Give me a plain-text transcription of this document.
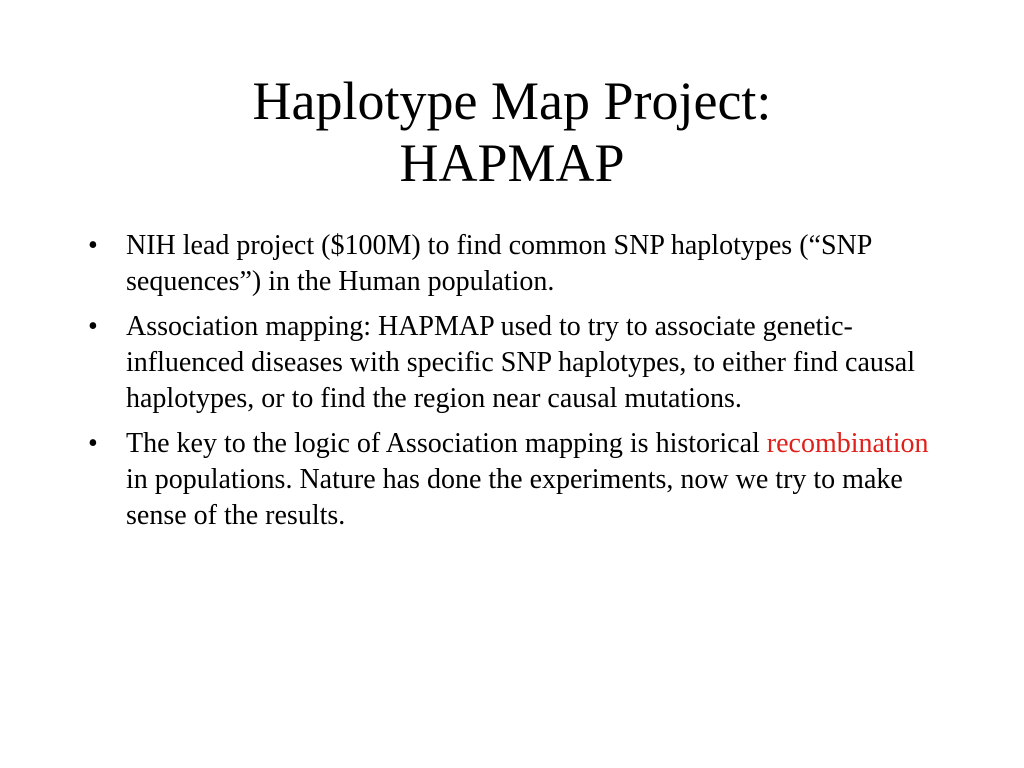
Haplotype Map Project:
HAPMAP
• NIH lead project ($100M) to find common SNP haplotypes (“SNP sequences”) in the Human population.
• Association mapping: HAPMAP used to try to associate genetic-influenced diseases with specific SNP haplotypes, to either find causal haplotypes, or to find the region near causal mutations.
• The key to the logic of Association mapping is historical recombination in populations. Nature has done the experiments, now we try to make sense of the results.
